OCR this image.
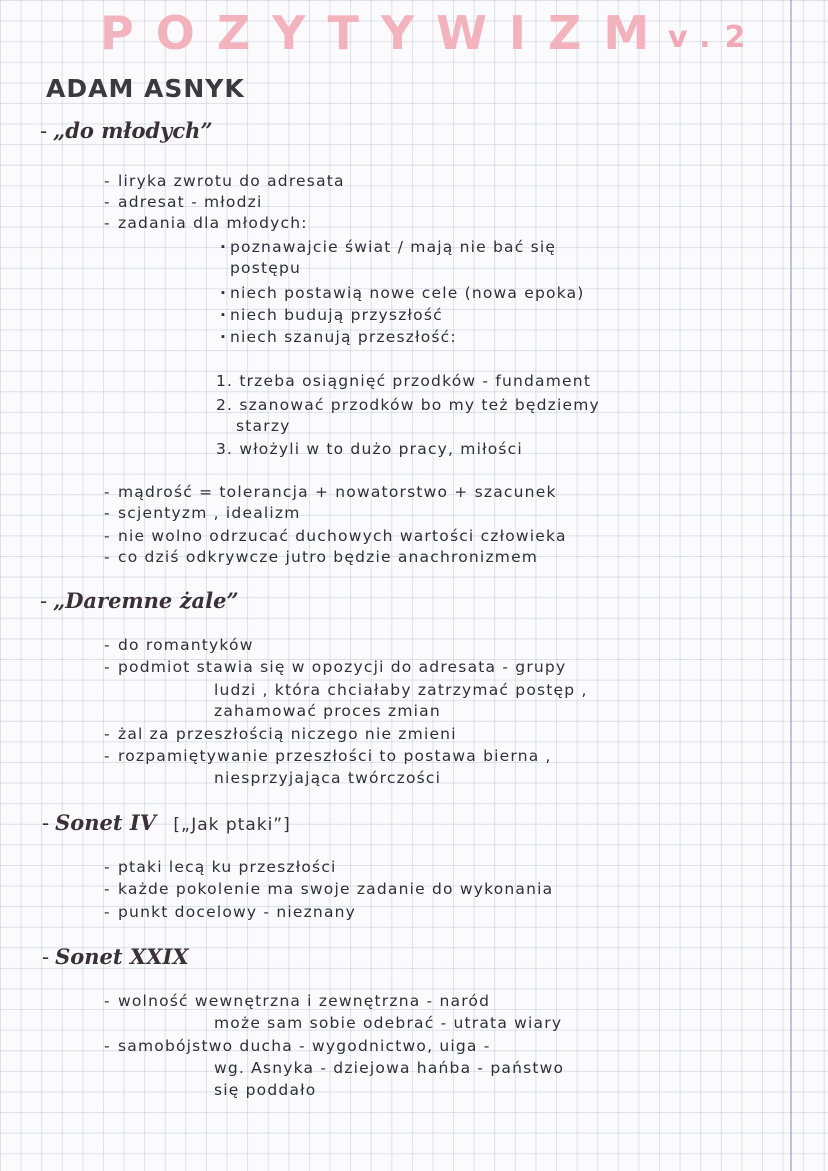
POZYTYWIZM
v.2
ADAM ASNYK
- „do młodych”
- liryka zwrotu do adresata
- adresat - młodzi
- zadania dla młodych:
· poznawajcie świat / mają nie bać się
postępu
· niech postawią nowe cele (nowa epoka)
· niech budują przyszłość
· niech szanują przeszłość:
1. trzeba osiągnięć przodków - fundament
2. szanować przodków bo my też będziemy
starzy
3. włożyli w to dużo pracy, miłości
- mądrość = tolerancja + nowatorstwo + szacunek
- scjentyzm , idealizm
- nie wolno odrzucać duchowych wartości człowieka
- co dziś odkrywcze jutro będzie anachronizmem
- „Daremne żale”
- do romantyków
- podmiot stawia się w opozycji do adresata - grupy
ludzi , która chciałaby zatrzymać postęp ,
zahamować proces zmian
- żal za przeszłością niczego nie zmieni
- rozpamiętywanie przeszłości to postawa bierna ,
niesprzyjająca twórczości
- Sonet IV [„Jak ptaki”]
- ptaki lecą ku przeszłości
- każde pokolenie ma swoje zadanie do wykonania
- punkt docelowy - nieznany
- Sonet XXIX
- wolność wewnętrzna i zewnętrzna - naród
może sam sobie odebrać - utrata wiary
- samobójstwo ducha - wygodnictwo, uiga -
wg. Asnyka - dziejowa hańba - państwo
się poddało
